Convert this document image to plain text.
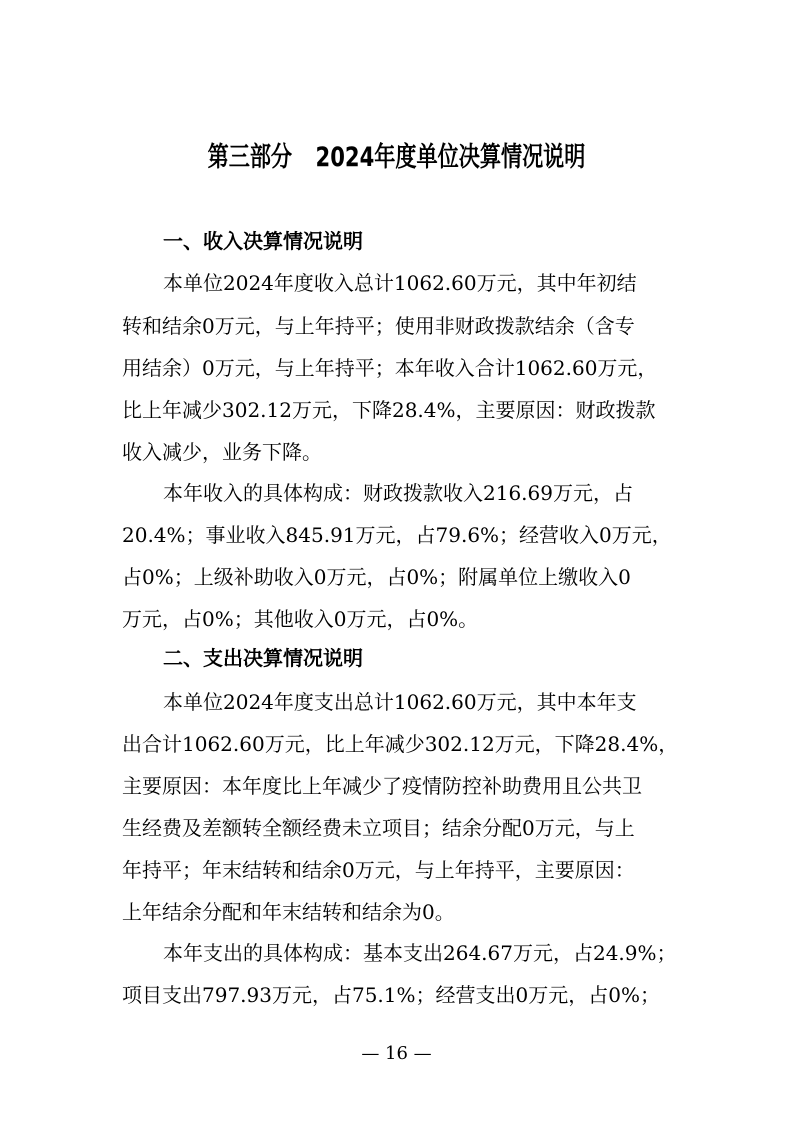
第三部分 2024年度单位决算情况说明
一、收入决算情况说明

本单位2024年度收入总计1062.60万元，其中年初结

转和结余0万元，与上年持平；使用非财政拨款结余（含专

用结余）0万元，与上年持平；本年收入合计1062.60万元，

比上年减少302.12万元，下降28.4%，主要原因：财政拨款

收入减少，业务下降。

本年收入的具体构成：财政拨款收入216.69万元，占

20.4%；事业收入845.91万元，占79.6%；经营收入0万元，

占0%；上级补助收入0万元，占0%；附属单位上缴收入0

万元，占0%；其他收入0万元，占0%。

二、支出决算情况说明

本单位2024年度支出总计1062.60万元，其中本年支

出合计1062.60万元，比上年减少302.12万元，下降28.4%，

主要原因：本年度比上年减少了疫情防控补助费用且公共卫

生经费及差额转全额经费未立项目；结余分配0万元，与上

年持平；年末结转和结余0万元，与上年持平，主要原因：

上年结余分配和年末结转和结余为0。

本年支出的具体构成：基本支出264.67万元，占24.9%；

项目支出797.93万元，占75.1%；经营支出0万元，占0%；

— 16 —
